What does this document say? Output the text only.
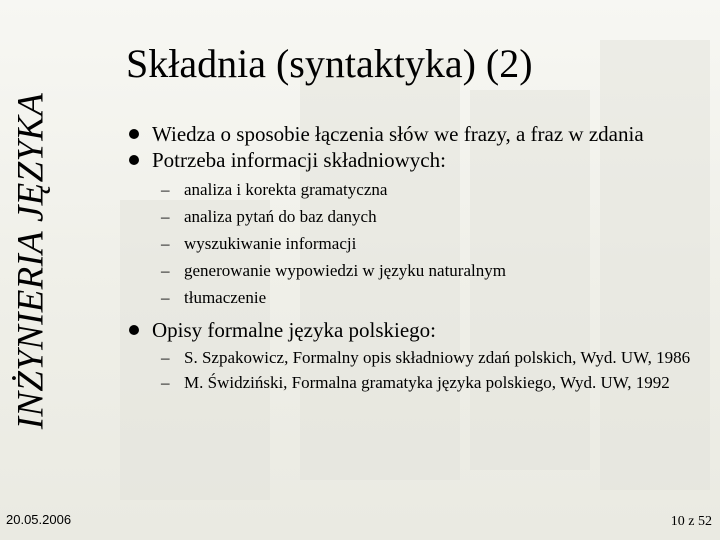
INŻYNIERIA JĘZYKA
Składnia (syntaktyka) (2)
Wiedza o sposobie łączenia słów we frazy, a fraz w zdania
Potrzeba informacji składniowych:
– analiza i korekta gramatyczna
– analiza pytań do baz danych
– wyszukiwanie informacji
– generowanie wypowiedzi w języku naturalnym
– tłumaczenie
Opisy formalne języka polskiego:
– S. Szpakowicz, Formalny opis składniowy zdań polskich, Wyd. UW, 1986
– M. Świdziński, Formalna gramatyka języka polskiego, Wyd. UW, 1992
20.05.2006	10 z 52
